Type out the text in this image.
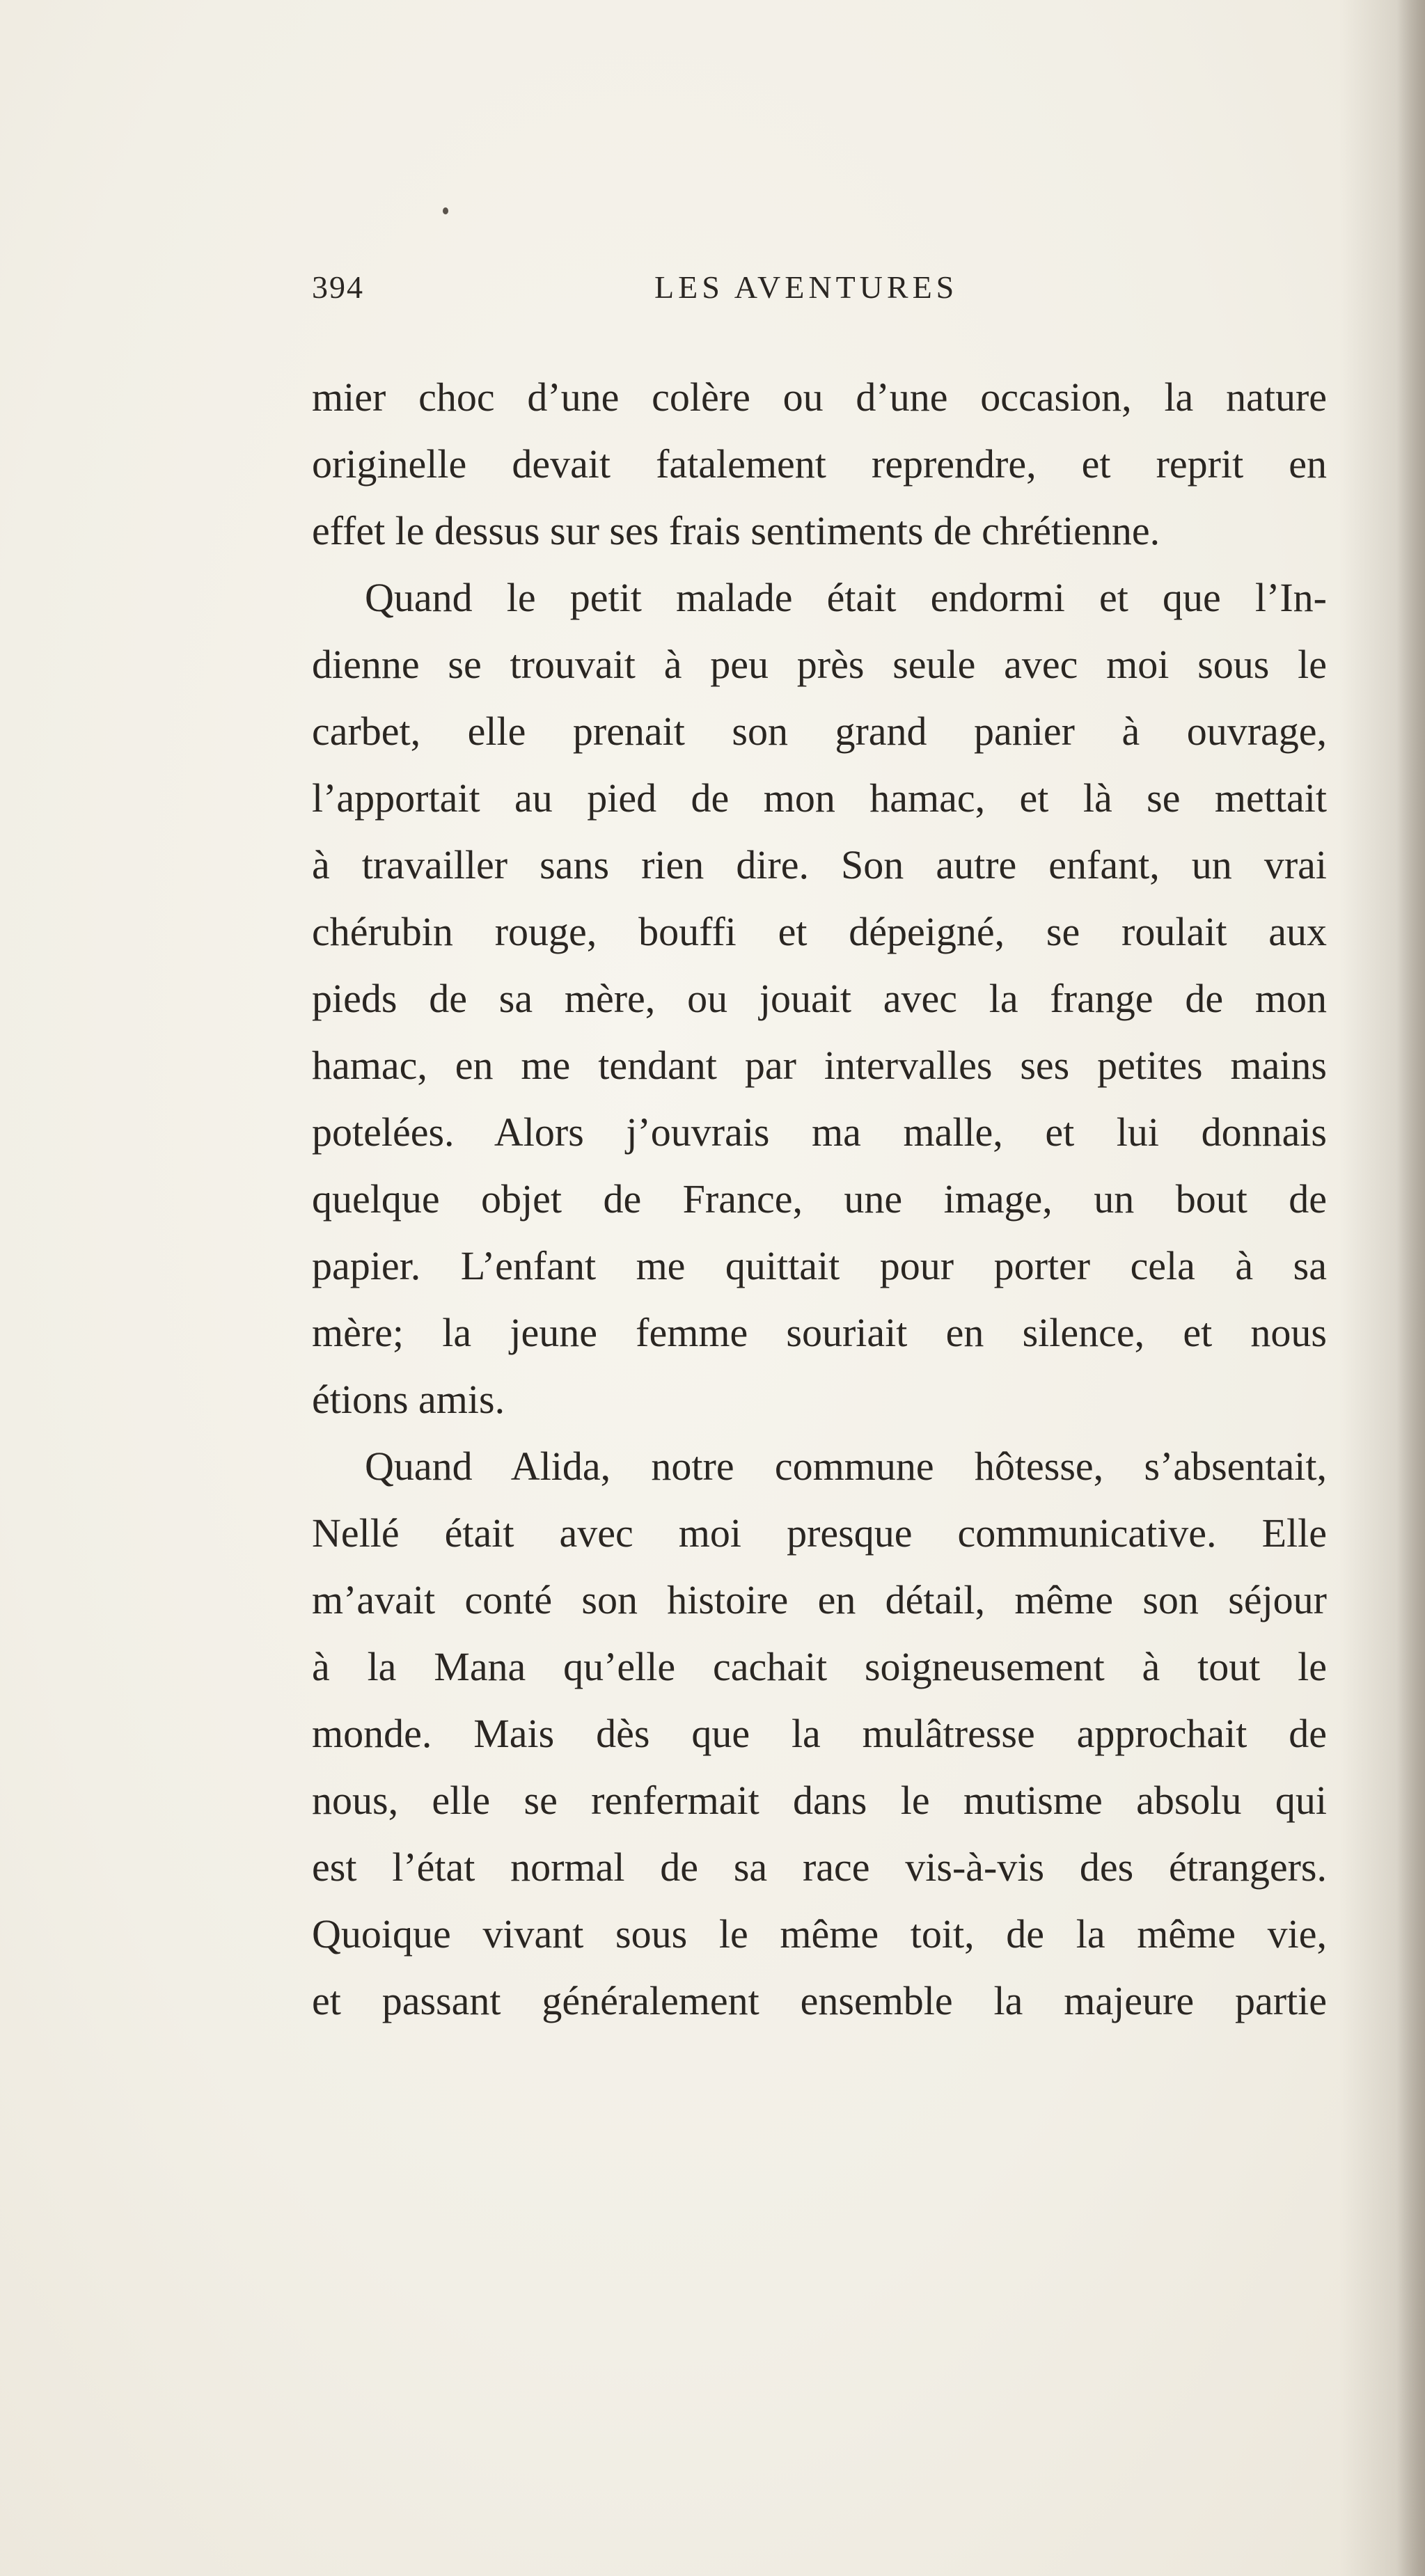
394	LES AVENTURES
mier choc d’une colère ou d’une occasion, la nature
originelle devait fatalement reprendre, et reprit en
effet le dessus sur ses frais sentiments de chrétienne.
Quand le petit malade était endormi et que l’In-
dienne se trouvait à peu près seule avec moi sous le
carbet, elle prenait son grand panier à ouvrage,
l’apportait au pied de mon hamac, et là se mettait
à travailler sans rien dire. Son autre enfant, un vrai
chérubin rouge, bouffi et dépeigné, se roulait aux
pieds de sa mère, ou jouait avec la frange de mon
hamac, en me tendant par intervalles ses petites mains
potelées. Alors j’ouvrais ma malle, et lui donnais
quelque objet de France, une image, un bout de
papier. L’enfant me quittait pour porter cela à sa
mère; la jeune femme souriait en silence, et nous
étions amis.
Quand Alida, notre commune hôtesse, s’absentait,
Nellé était avec moi presque communicative. Elle
m’avait conté son histoire en détail, même son séjour
à la Mana qu’elle cachait soigneusement à tout le
monde. Mais dès que la mulâtresse approchait de
nous, elle se renfermait dans le mutisme absolu qui
est l’état normal de sa race vis-à-vis des étrangers.
Quoique vivant sous le même toit, de la même vie,
et passant généralement ensemble la majeure partie
